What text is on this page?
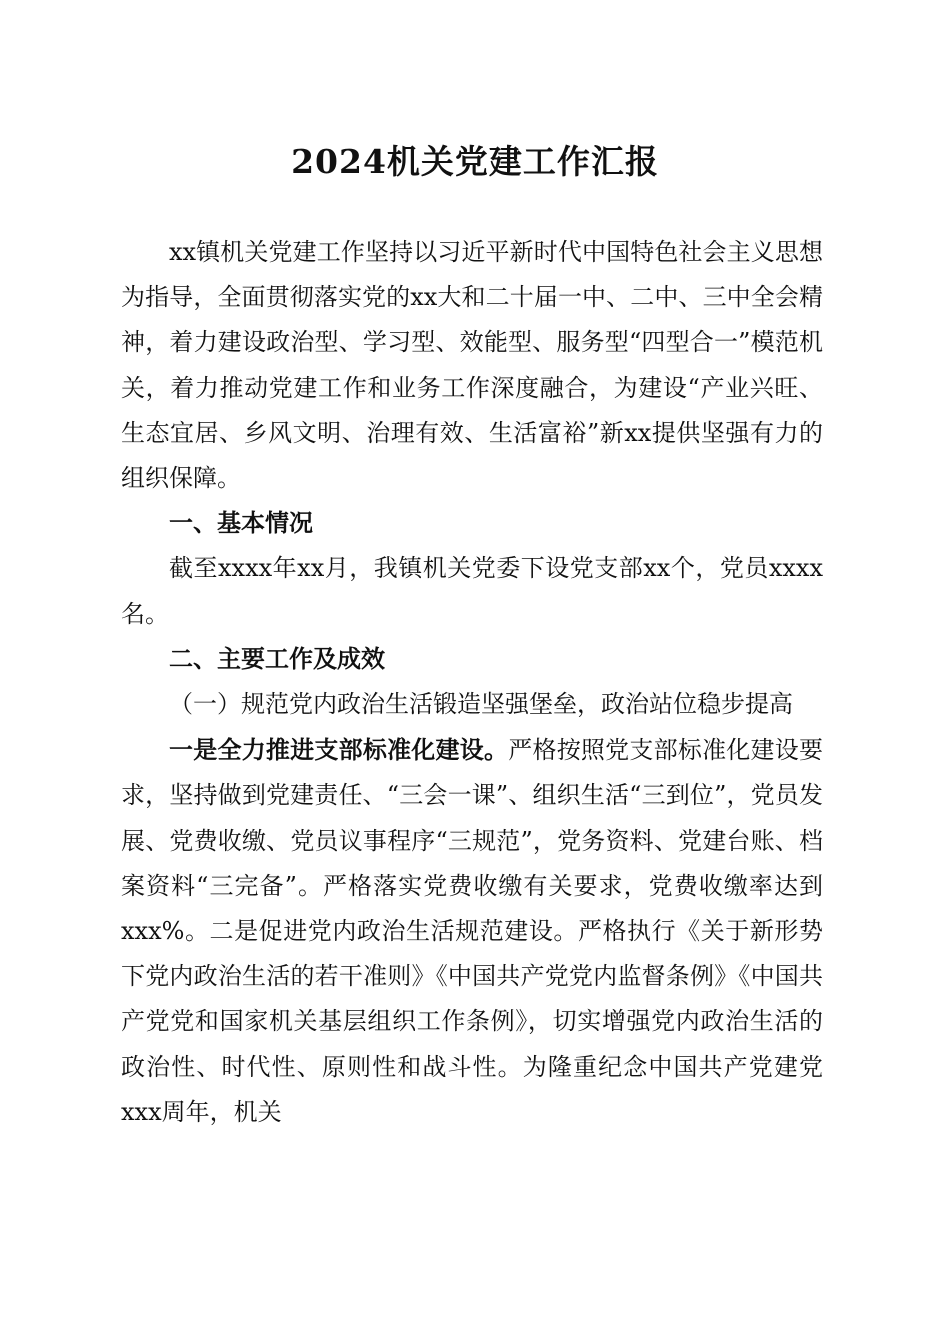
2024机关党建工作汇报

xx镇机关党建工作坚持以习近平新时代中国特色社会主义思想为指导，全面贯彻落实党的xx大和二十届一中、二中、三中全会精神，着力建设政治型、学习型、效能型、服务型“四型合一”模范机关，着力推动党建工作和业务工作深度融合，为建设“产业兴旺、生态宜居、乡风文明、治理有效、生活富裕”新xx提供坚强有力的组织保障。

一、基本情况

截至xxxx年xx月，我镇机关党委下设党支部xx个，党员xxxx名。

二、主要工作及成效
（一）规范党内政治生活锻造坚强堡垒，政治站位稳步提高

一是全力推进支部标准化建设。严格按照党支部标准化建设要求，坚持做到党建责任、“三会一课”、组织生活“三到位”，党员发展、党费收缴、党员议事程序“三规范”，党务资料、党建台账、档案资料“三完备”。严格落实党费收缴有关要求，党费收缴率达到xxx%。二是促进党内政治生活规范建设。严格执行《关于新形势下党内政治生活的若干准则》《中国共产党党内监督条例》《中国共产党党和国家机关基层组织工作条例》，切实增强党内政治生活的政治性、时代性、原则性和战斗性。为隆重纪念中国共产党建党xxx周年，机关
